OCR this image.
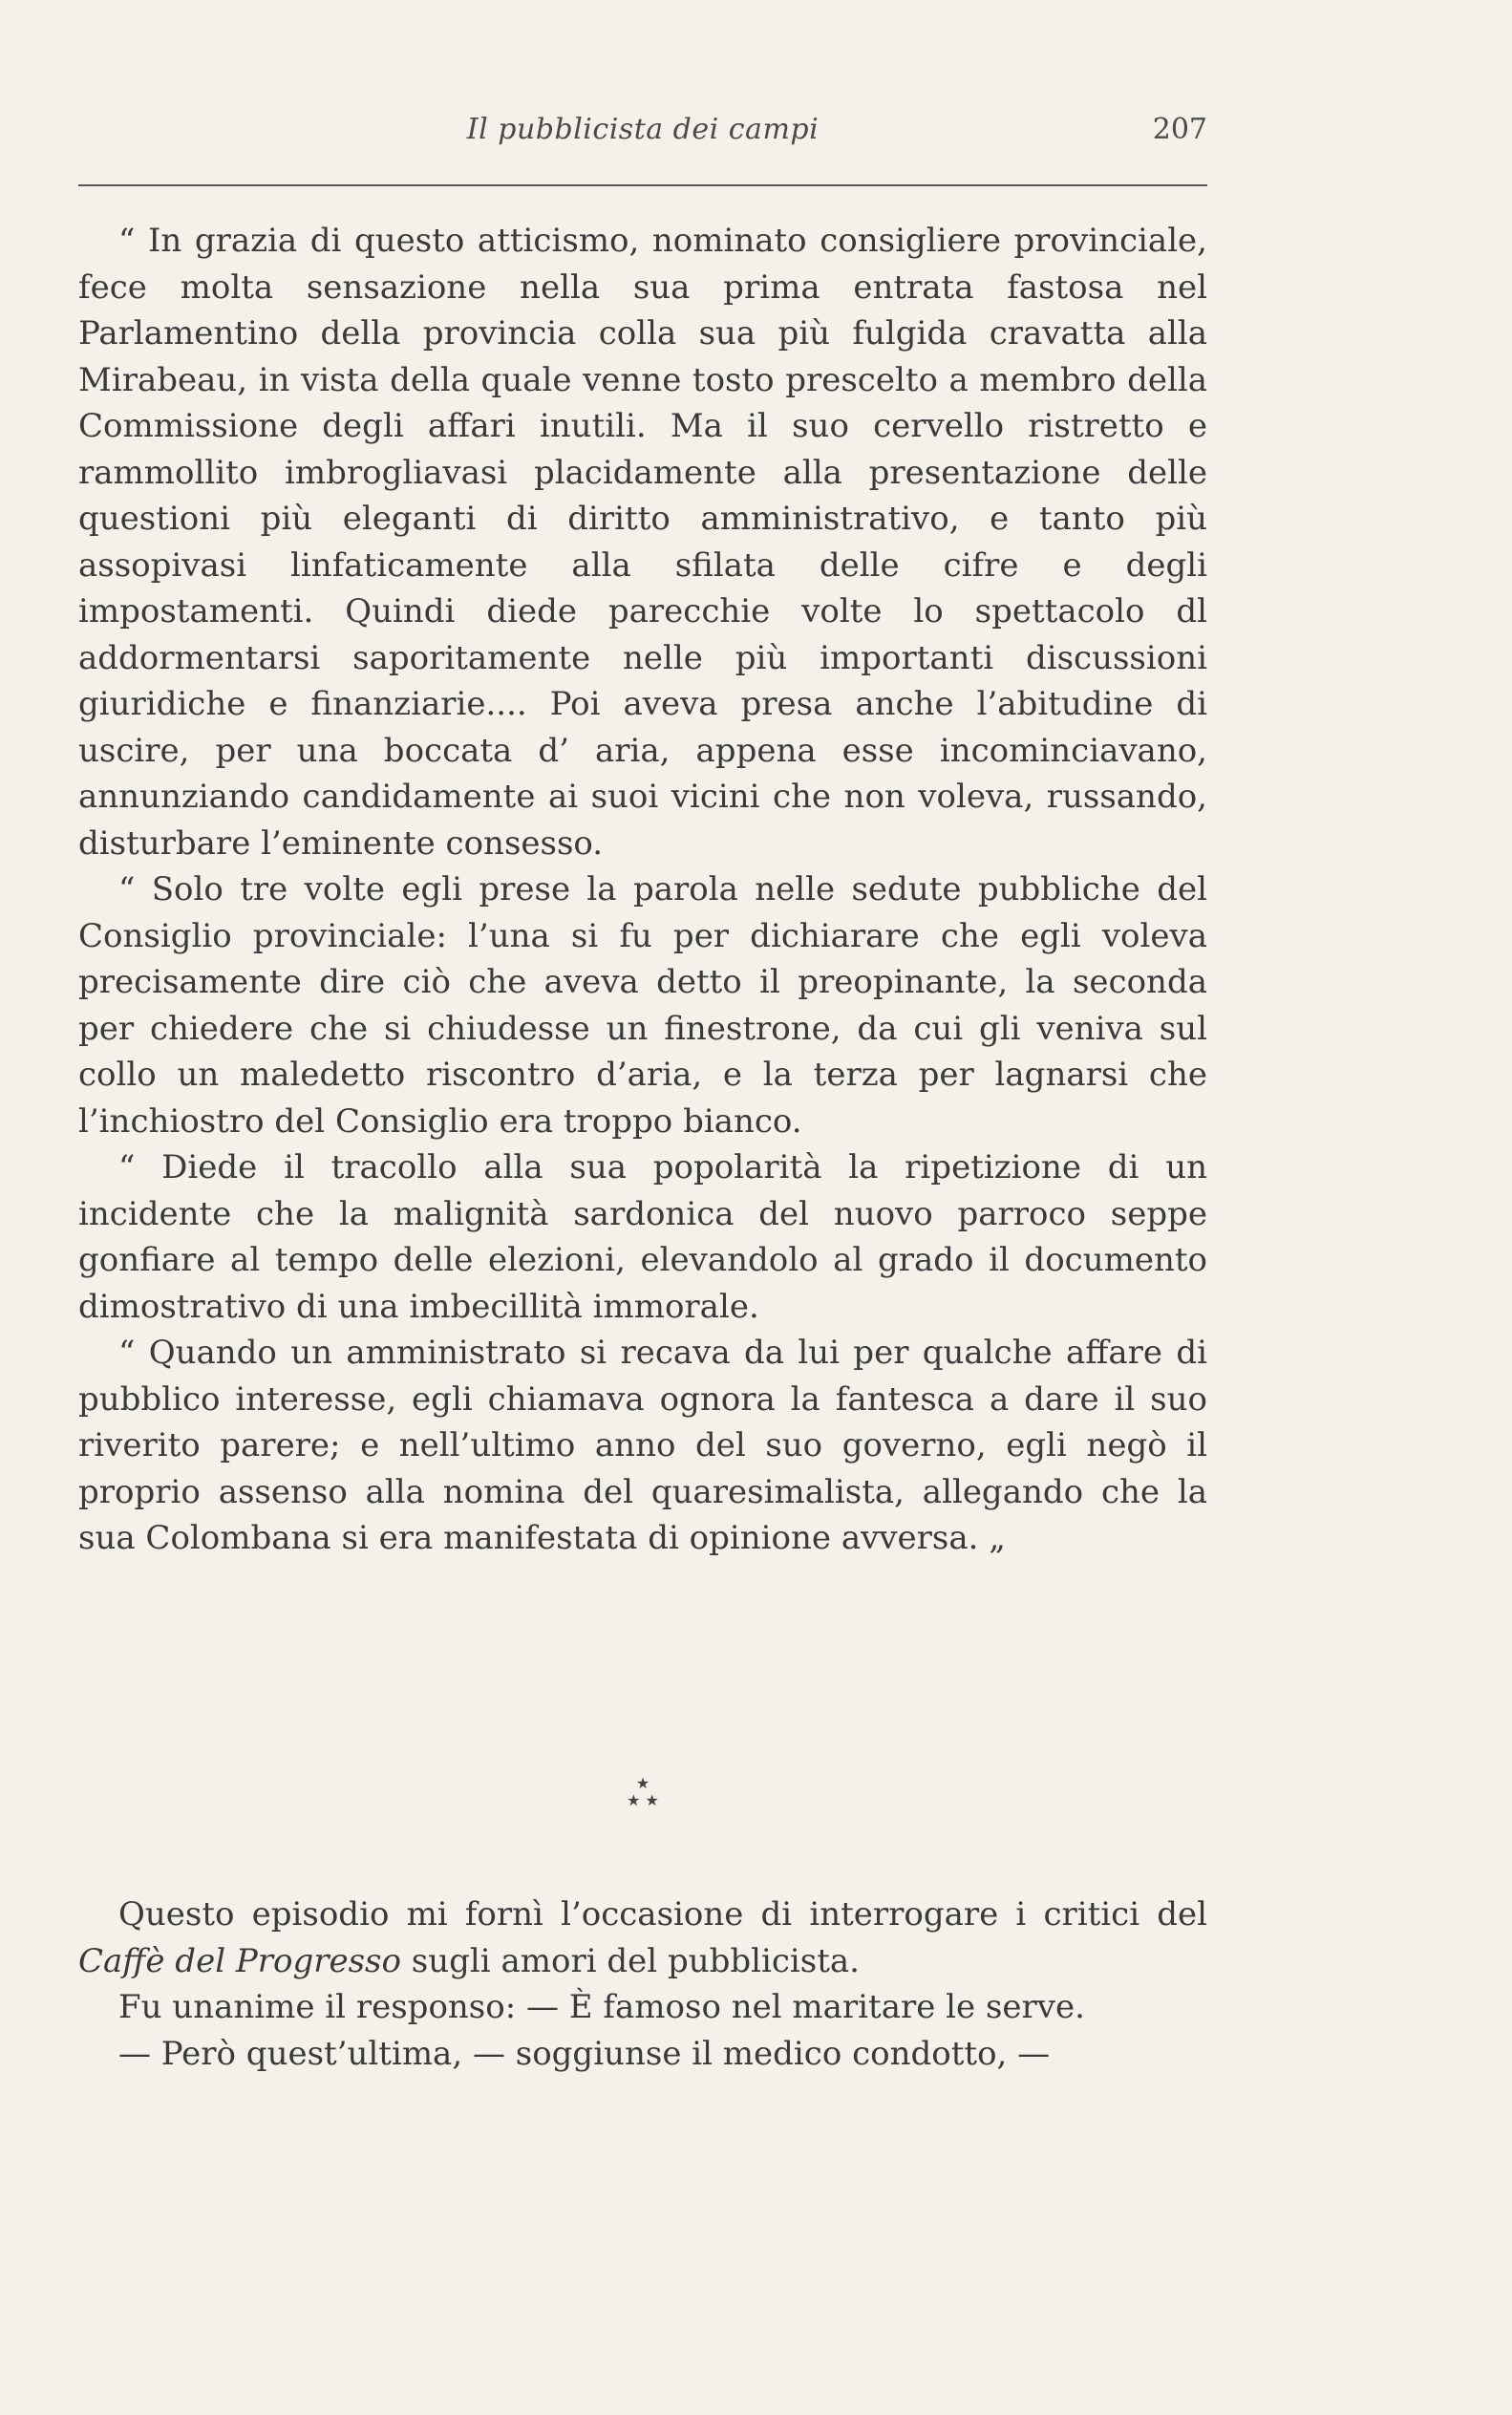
Il pubblicista dei campi	207

“ In grazia di questo atticismo, nominato consigliere provinciale, fece molta sensazione nella sua prima entrata fastosa nel Parlamentino della provincia colla sua più fulgida cravatta alla Mirabeau, in vista della quale venne tosto prescelto a membro della Commissione degli affari inutili. Ma il suo cervello ristretto e rammollito imbrogliavasi placidamente alla presentazione delle questioni più eleganti di diritto amministrativo, e tanto più assopivasi linfaticamente alla sfilata delle cifre e degli impostamenti. Quindi diede parecchie volte lo spettacolo dl addormentarsi saporitamente nelle più importanti discussioni giuridiche e finanziarie.... Poi aveva presa anche l’abitudine di uscire, per una boccata d’ aria, appena esse incominciavano, annunziando candidamente ai suoi vicini che non voleva, russando, disturbare l’eminente consesso.

“ Solo tre volte egli prese la parola nelle sedute pubbliche del Consiglio provinciale: l’una si fu per dichiarare che egli voleva precisamente dire ciò che aveva detto il preopinante, la seconda per chiedere che si chiudesse un finestrone, da cui gli veniva sul collo un maledetto riscontro d’aria, e la terza per lagnarsi che l’inchiostro del Consiglio era troppo bianco.

“ Diede il tracollo alla sua popolarità la ripetizione di un incidente che la malignità sardonica del nuovo parroco seppe gonfiare al tempo delle elezioni, elevandolo al grado il documento dimostrativo di una imbecillità immorale.

“ Quando un amministrato si recava da lui per qualche affare di pubblico interesse, egli chiamava ognora la fantesca a dare il suo riverito parere; e nell’ultimo anno del suo governo, egli negò il proprio assenso alla nomina del quaresimalista, allegando che la sua Colombana si era manifestata di opinione avversa. „

★
★ ★

Questo episodio mi fornì l’occasione di interrogare i critici del Caffè del Progresso sugli amori del pubblicista.

Fu unanime il responso: — È famoso nel maritare le serve.

— Però quest’ultima, — soggiunse il medico condotto, —
